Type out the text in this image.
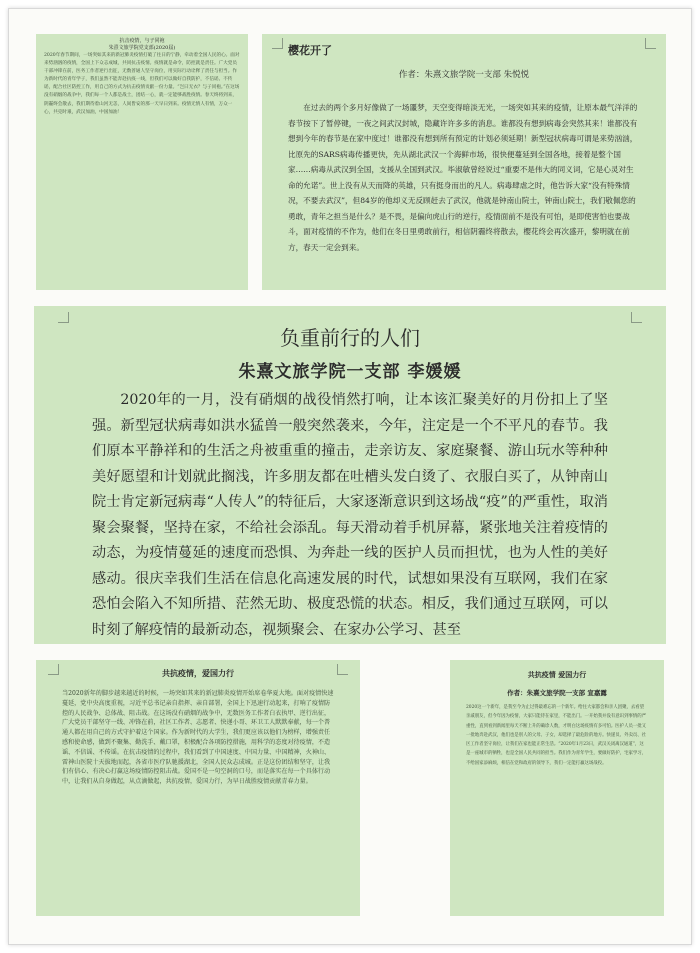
抗击疫情，与子同袍
朱熹文旅学院党支部(2020届)
2020年春节期间，一场突如其来的新冠肺炎疫情打破了往日的宁静，牵动着全国人民的心。面对来势汹汹的疫情，全国上下众志成城，共同抗击疫情。疫情就是命令，防控就是责任。广大党员干部冲锋在前，医务工作者逆行出征，无数普通人坚守岗位，用实际行动诠释了责任与担当。作为新时代的青年学子，我们虽然不能奔赴抗疫一线，但我们可以做好自我防护，不信谣、不传谣，配合社区防控工作，用自己的方式为抗击疫情贡献一份力量。“岂曰无衣？与子同袍。”在这场没有硝烟的战争中，我们每一个人都是战士，团结一心，就一定能够战胜疫情。春天终将到来，阴霾终会散去，我们期待着山河无恙，人间皆安的那一天早日到来。疫情无情人有情，万众一心，共克时艰，武汉加油，中国加油！
樱花开了
作者：朱熹文旅学院一支部 朱悦悦
在过去的两个多月好像做了一场噩梦，天空变得暗淡无光，一场突如其来的疫情，让原本最气洋洋的春节按下了暂停键，一夜之间武汉封城，隐藏许许多多的消息。谁都没有想到病毒会突然其来！谁都没有想到今年的春节是在家中度过！谁都没有想到所有预定的计划必须延期！新型冠状病毒可谓是来势汹汹，比原先的SARS病毒传播更快，先从湖北武汉一个海鲜市场，很快便蔓延到全国各地，接着是整个国家……病毒从武汉到全国，支援从全国到武汉。毕淑敏曾经说过“重要不是伟大的同义词，它是心灵对生命的允诺”。世上没有从天而降的英雄，只有挺身而出的凡人。病毒肆虐之时，他告诉大家“没有特殊情况，不要去武汉”，但84岁的他却义无反顾赶去了武汉，他就是钟南山院士，钟南山院士，我们敬佩您的勇敢，青年之担当是什么？是不畏，是偏向虎山行的逆行，疫情面前不是没有可怕，是即使害怕也要战斗，面对疫情的不作为，他们在冬日里勇敢前行，相信阴霾终将散去，樱花终会再次盛开，黎明就在前方，春天一定会到来。
负重前行的人们
朱熹文旅学院一支部 李媛媛
2020年的一月，没有硝烟的战役悄然打响，让本该汇聚美好的月份扣上了坚强。新型冠状病毒如洪水猛兽一般突然袭来，今年，注定是一个不平凡的春节。我们原本平静祥和的生活之舟被重重的撞击，走亲访友、家庭聚餐、游山玩水等种种美好愿望和计划就此搁浅，许多朋友都在吐槽头发白烫了、衣服白买了，从钟南山院士肯定新冠病毒“人传人”的特征后，大家逐渐意识到这场战“疫”的严重性，取消聚会聚餐，坚持在家，不给社会添乱。每天滑动着手机屏幕，紧张地关注着疫情的动态，为疫情蔓延的速度而恐惧、为奔赴一线的医护人员而担忧，也为人性的美好感动。很庆幸我们生活在信息化高速发展的时代，试想如果没有互联网，我们在家恐怕会陷入不知所措、茫然无助、极度恐慌的状态。相反，我们通过互联网，可以时刻了解疫情的最新动态，视频聚会、在家办公学习、甚至
共抗疫情，爱国力行
当2020新年的脚步越来越近的时候，一场突如其来的新冠肺炎疫情开始席卷华夏大地。面对疫情快速蔓延，党中央高度重视，习近平总书记亲自指挥、亲自部署，全国上下迅速行动起来，打响了疫情防控的人民战争、总体战、阻击战。在这场没有硝烟的战争中，无数医务工作者白衣执甲、逆行出征，广大党员干部坚守一线、冲锋在前，社区工作者、志愿者、快递小哥、环卫工人默默奉献，每一个普通人都在用自己的方式守护着这个国家。作为新时代的大学生，我们更应该以他们为榜样，增强责任感和使命感，做到不聚集、勤洗手、戴口罩，积极配合各项防控措施，用科学的态度对待疫情，不造谣、不信谣、不传谣。在抗击疫情的过程中，我们看到了中国速度、中国力量、中国精神，火神山、雷神山医院十天拔地而起，各省市医疗队驰援湖北，全国人民众志成城。正是这份团结和坚守，让我们有信心、有决心打赢这场疫情防控阻击战。爱国不是一句空洞的口号，而是落实在每一个具体行动中，让我们从自身做起，从点滴做起，共抗疫情，爱国力行，为早日战胜疫情贡献青春力量。
共抗疫情 爱国力行
作者：朱熹文旅学院一支部 宣嘉露
2020这一个新年，是我至今为止过得最难忘的一个新年。给往大家都会和亲人团聚，去看望亲戚朋友，但今年因为疫情，大家只能待在家里，不能出门。一开始我并没有意识到事情的严重性，直到看到新闻里每天不断上升的确诊人数，才明白这场疫情有多可怕。医护人员一批又一批地奔赴武汉，他们也是别人的父母、子女，却选择了最危险的地方。快递员、外卖员、社区工作者坚守岗位，让我们在家也能正常生活。“2020年1月23日，武汉关闭离汉通道”，这是一座城市的牺牲，也是全国人民共同的担当。我们作为青年学生，要做好防护，宅家学习，不给国家添麻烦，相信在党和政府的领导下，我们一定能打赢这场战役。
